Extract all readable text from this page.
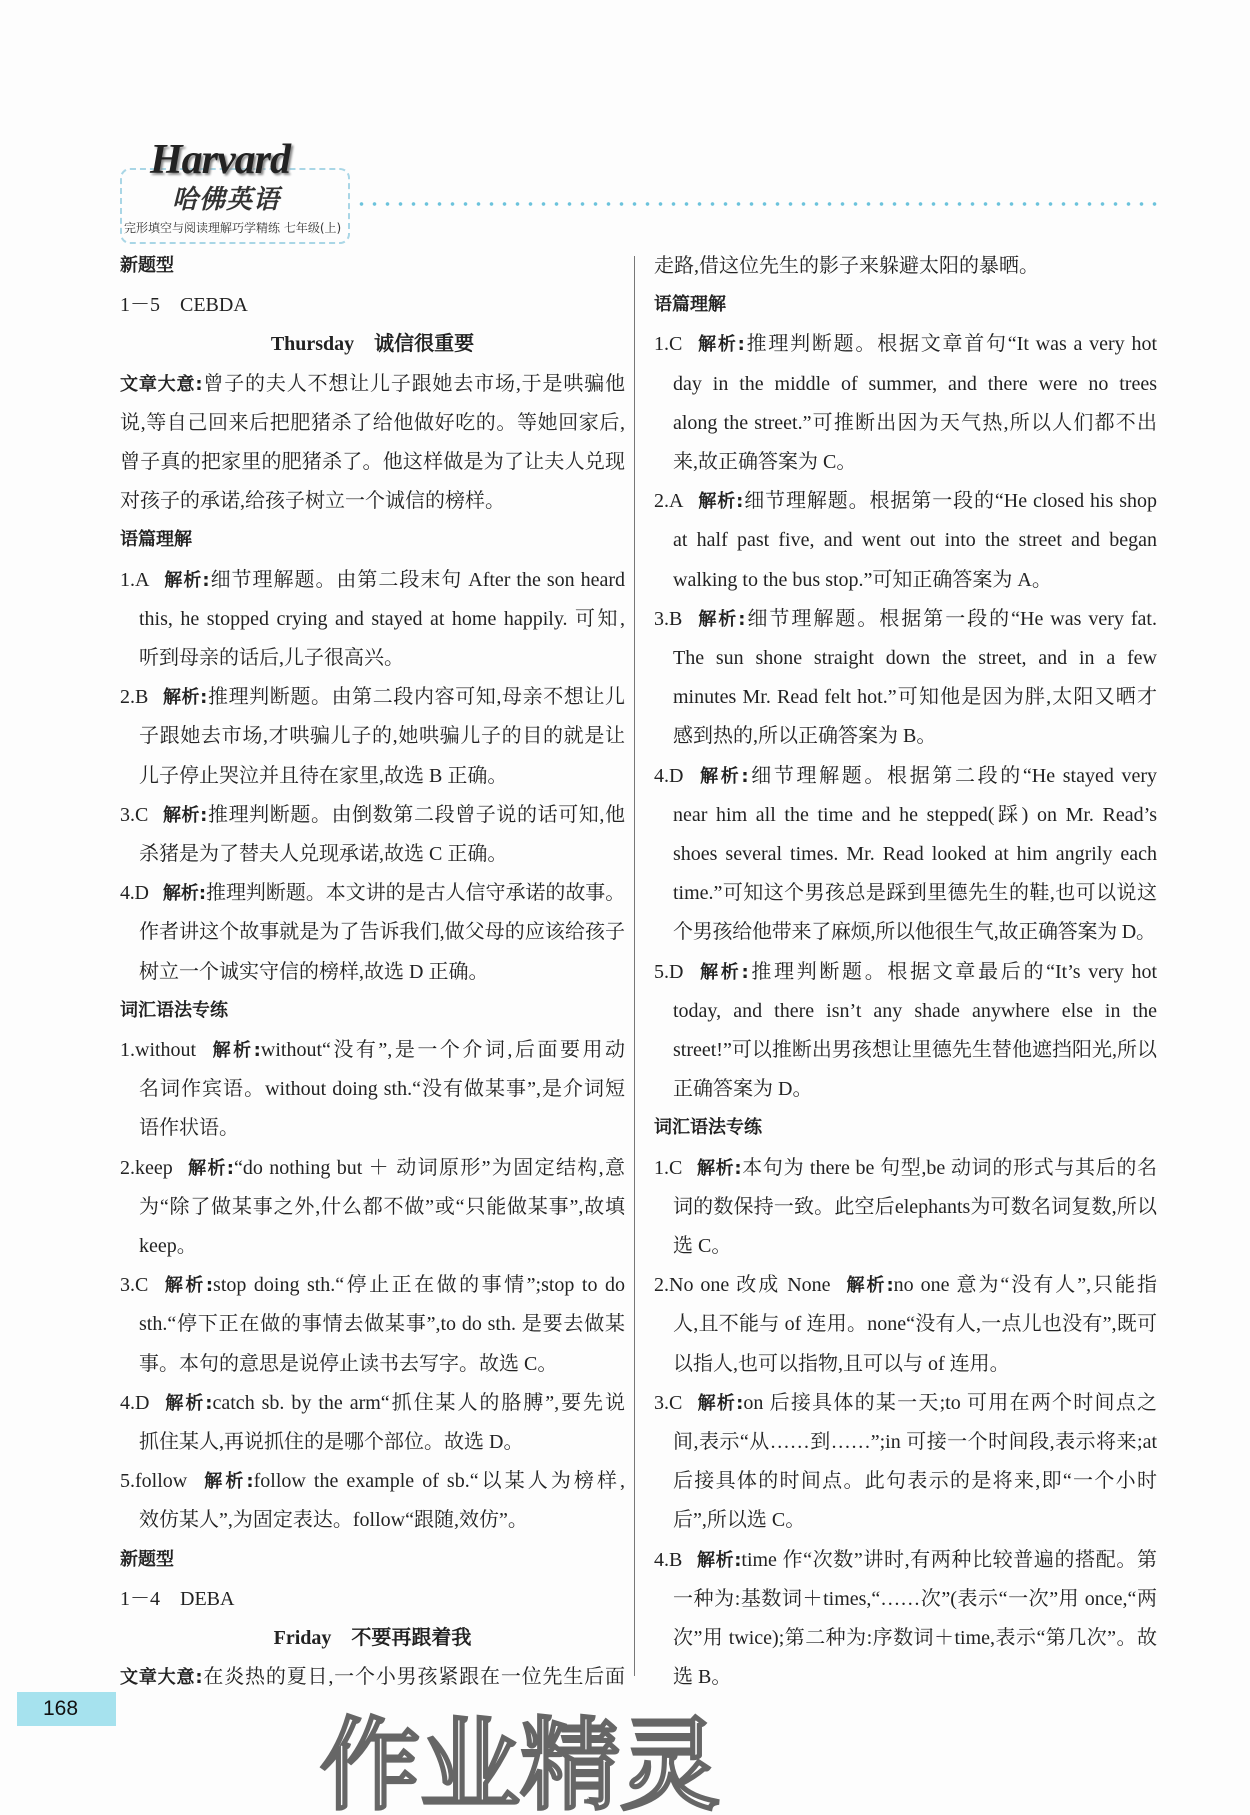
Harvard
哈佛英语
完形填空与阅读理解巧学精练 七年级(上)
新题型
1－5　CEBDA
Thursday　诚信很重要
文章大意:曾子的夫人不想让儿子跟她去市场,于是哄骗他
说,等自己回来后把肥猪杀了给他做好吃的。等她回家后,
曾子真的把家里的肥猪杀了。他这样做是为了让夫人兑现
对孩子的承诺,给孩子树立一个诚信的榜样。
语篇理解
1.A 解析:细节理解题。由第二段末句 After the son heard
this, he stopped crying and stayed at home happily. 可知,
听到母亲的话后,儿子很高兴。
2.B 解析:推理判断题。由第二段内容可知,母亲不想让儿
子跟她去市场,才哄骗儿子的,她哄骗儿子的目的就是让
儿子停止哭泣并且待在家里,故选 B 正确。
3.C 解析:推理判断题。由倒数第二段曾子说的话可知,他
杀猪是为了替夫人兑现承诺,故选 C 正确。
4.D 解析:推理判断题。本文讲的是古人信守承诺的故事。
作者讲这个故事就是为了告诉我们,做父母的应该给孩子
树立一个诚实守信的榜样,故选 D 正确。
词汇语法专练
1.without 解析:without“没有”,是一个介词,后面要用动
名词作宾语。without doing sth.“没有做某事”,是介词短
语作状语。
2.keep 解析:“do nothing but ＋ 动词原形”为固定结构,意
为“除了做某事之外,什么都不做”或“只能做某事”,故填
keep。
3.C 解析:stop doing sth.“停止正在做的事情”;stop to do
sth.“停下正在做的事情去做某事”,to do sth. 是要去做某
事。本句的意思是说停止读书去写字。故选 C。
4.D 解析:catch sb. by the arm“抓住某人的胳膊”,要先说
抓住某人,再说抓住的是哪个部位。故选 D。
5.follow 解析:follow the example of sb.“以某人为榜样,
效仿某人”,为固定表达。follow“跟随,效仿”。
新题型
1－4　DEBA
Friday　不要再跟着我
文章大意:在炎热的夏日,一个小男孩紧跟在一位先生后面
走路,借这位先生的影子来躲避太阳的暴晒。
语篇理解
1.C 解析:推理判断题。根据文章首句“It was a very hot
day in the middle of summer, and there were no trees
along the street.”可推断出因为天气热,所以人们都不出
来,故正确答案为 C。
2.A 解析:细节理解题。根据第一段的“He closed his shop
at half past five, and went out into the street and began
walking to the bus stop.”可知正确答案为 A。
3.B 解析:细节理解题。根据第一段的“He was very fat.
The sun shone straight down the street, and in a few
minutes Mr. Read felt hot.”可知他是因为胖,太阳又晒才
感到热的,所以正确答案为 B。
4.D 解析:细节理解题。根据第二段的“He stayed very
near him all the time and he stepped(踩) on Mr. Read’s
shoes several times. Mr. Read looked at him angrily each
time.”可知这个男孩总是踩到里德先生的鞋,也可以说这
个男孩给他带来了麻烦,所以他很生气,故正确答案为 D。
5.D 解析:推理判断题。根据文章最后的“It’s very hot
today, and there isn’t any shade anywhere else in the
street!”可以推断出男孩想让里德先生替他遮挡阳光,所以
正确答案为 D。
词汇语法专练
1.C 解析:本句为 there be 句型,be 动词的形式与其后的名
词的数保持一致。此空后elephants为可数名词复数,所以
选 C。
2.No one 改成 None 解析:no one 意为“没有人”,只能指
人,且不能与 of 连用。none“没有人,一点儿也没有”,既可
以指人,也可以指物,且可以与 of 连用。
3.C 解析:on 后接具体的某一天;to 可用在两个时间点之
间,表示“从……到……”;in 可接一个时间段,表示将来;at
后接具体的时间点。此句表示的是将来,即“一个小时
后”,所以选 C。
4.B 解析:time 作“次数”讲时,有两种比较普遍的搭配。第
一种为:基数词＋times,“……次”(表示“一次”用 once,“两
次”用 twice);第二种为:序数词＋time,表示“第几次”。故
选 B。
作业精灵
168
